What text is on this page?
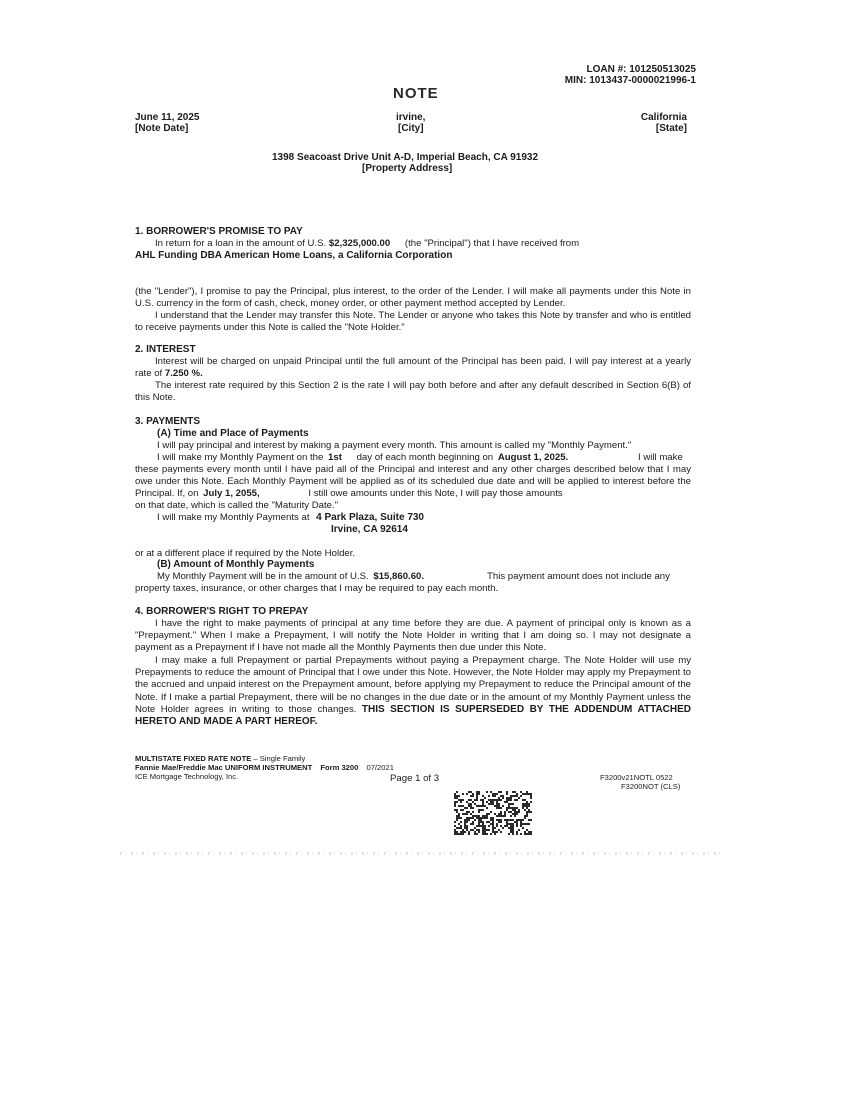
LOAN #: 101250513025
MIN: 1013437-0000021996-1
NOTE
June 11, 2025
[Note Date]
irvine,
[City]
California
[State]
1398 Seacoast Drive Unit A-D, Imperial Beach, CA 91932
[Property Address]
1. BORROWER'S PROMISE TO PAY
In return for a loan in the amount of U.S. $2,325,000.00 (the "Principal") that I have received from
AHL Funding DBA American Home Loans, a California Corporation
(the "Lender"), I promise to pay the Principal, plus interest, to the order of the Lender. I will make all payments under this Note in U.S. currency in the form of cash, check, money order, or other payment method accepted by Lender.
I understand that the Lender may transfer this Note. The Lender or anyone who takes this Note by transfer and who is entitled to receive payments under this Note is called the "Note Holder."
2. INTEREST
Interest will be charged on unpaid Principal until the full amount of the Principal has been paid. I will pay interest at a yearly rate of 7.250 %.
The interest rate required by this Section 2 is the rate I will pay both before and after any default described in Section 6(B) of this Note.
3. PAYMENTS
(A) Time and Place of Payments
I will pay principal and interest by making a payment every month. This amount is called my "Monthly Payment."
I will make my Monthly Payment on the 1st day of each month beginning on August 1, 2025.	I will make
these payments every month until I have paid all of the Principal and interest and any other charges described below that I may owe under this Note. Each Monthly Payment will be applied as of its scheduled due date and will be applied to interest before the Principal. If, on July 1, 2055,	I still owe amounts under this Note, I will pay those amounts
on that date, which is called the "Maturity Date."
I will make my Monthly Payments at 4 Park Plaza, Suite 730
Irvine, CA 92614
or at a different place if required by the Note Holder.
(B) Amount of Monthly Payments
My Monthly Payment will be in the amount of U.S. $15,860.60.	This payment amount does not include any
property taxes, insurance, or other charges that I may be required to pay each month.
4. BORROWER'S RIGHT TO PREPAY
I have the right to make payments of principal at any time before they are due. A payment of principal only is known as a "Prepayment." When I make a Prepayment, I will notify the Note Holder in writing that I am doing so. I may not designate a payment as a Prepayment if I have not made all the Monthly Payments then due under this Note.
I may make a full Prepayment or partial Prepayments without paying a Prepayment charge. The Note Holder will use my Prepayments to reduce the amount of Principal that I owe under this Note. However, the Note Holder may apply my Prepayment to the accrued and unpaid interest on the Prepayment amount, before applying my Prepayment to reduce the Principal amount of the Note. If I make a partial Prepayment, there will be no changes in the due date or in the amount of my Monthly Payment unless the Note Holder agrees in writing to those changes. THIS SECTION IS SUPERSEDED BY THE ADDENDUM ATTACHED HERETO AND MADE A PART HEREOF.
MULTISTATE FIXED RATE NOTE – Single Family
Fannie Mae/Freddie Mac UNIFORM INSTRUMENT Form 3200 07/2021
ICE Mortgage Technology, Inc.	Page 1 of 3	F3200v21NOTL 0522
F3200NOT (CLS)
